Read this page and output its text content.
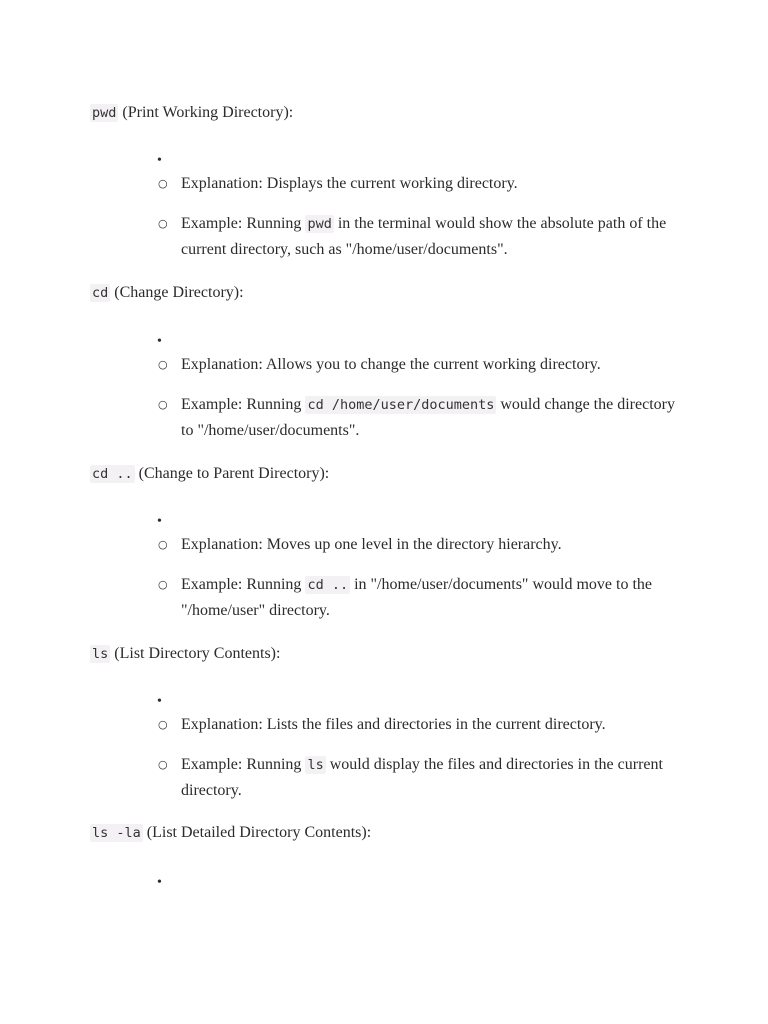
pwd (Print Working Directory):
•
○ Explanation: Displays the current working directory.
○ Example: Running pwd in the terminal would show the absolute path of the current directory, such as "/home/user/documents".
cd (Change Directory):
•
○ Explanation: Allows you to change the current working directory.
○ Example: Running cd /home/user/documents would change the directory to "/home/user/documents".
cd .. (Change to Parent Directory):
•
○ Explanation: Moves up one level in the directory hierarchy.
○ Example: Running cd .. in "/home/user/documents" would move to the "/home/user" directory.
ls (List Directory Contents):
•
○ Explanation: Lists the files and directories in the current directory.
○ Example: Running ls would display the files and directories in the current directory.
ls -la (List Detailed Directory Contents):
•
